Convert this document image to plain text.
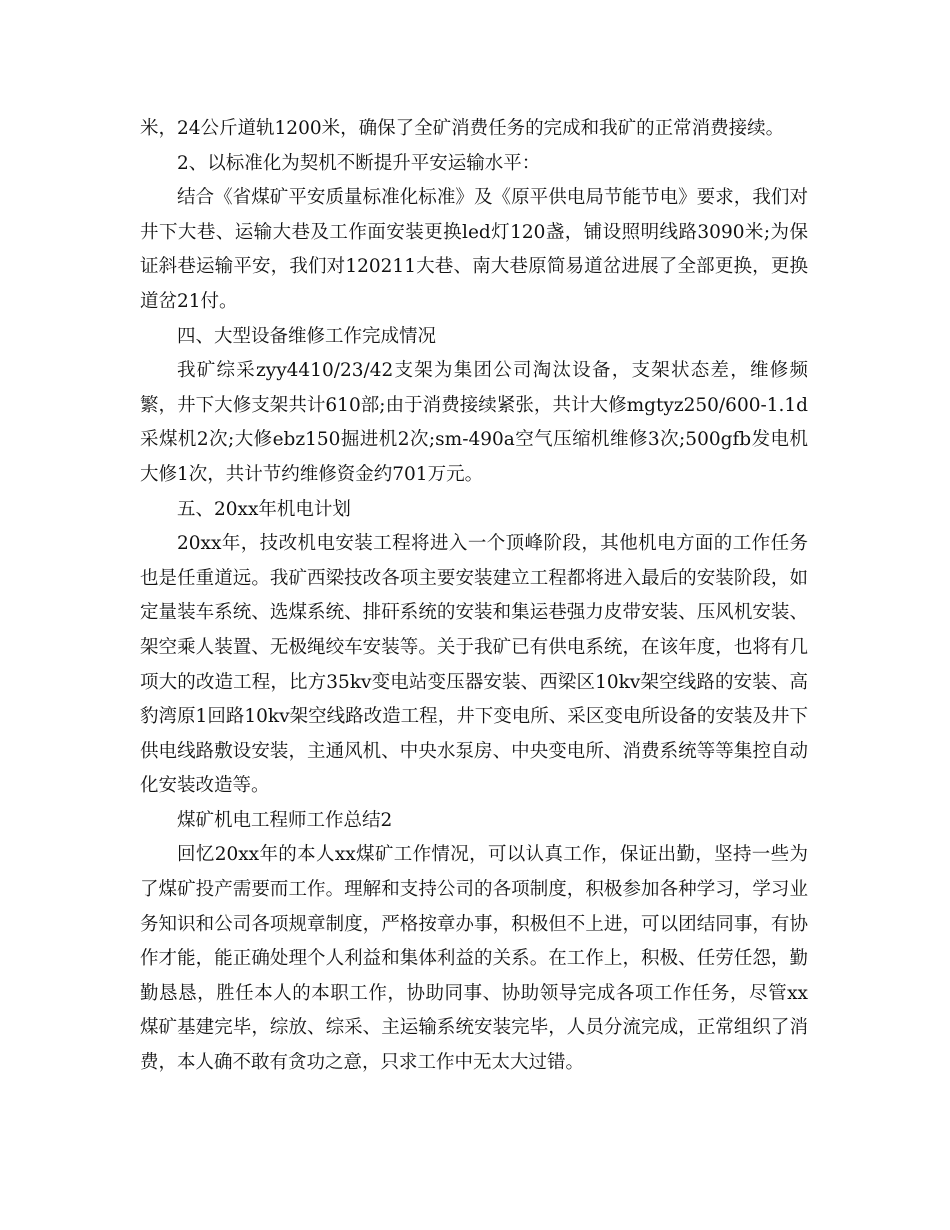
米，24公斤道轨1200米，确保了全矿消费任务的完成和我矿的正常消费接续。

2、以标准化为契机不断提升平安运输水平：

结合《省煤矿平安质量标准化标准》及《原平供电局节能节电》要求，我们对井下大巷、运输大巷及工作面安装更换led灯120盏，铺设照明线路3090米;为保证斜巷运输平安，我们对120211大巷、南大巷原简易道岔进展了全部更换，更换道岔21付。

四、大型设备维修工作完成情况

我矿综采zyy4410/23/42支架为集团公司淘汰设备，支架状态差，维修频繁，井下大修支架共计610部;由于消费接续紧张，共计大修mgtyz250/600-1.1d采煤机2次;大修ebz150掘进机2次;sm-490a空气压缩机维修3次;500gfb发电机大修1次，共计节约维修资金约701万元。

五、20xx年机电计划

20xx年，技改机电安装工程将进入一个顶峰阶段，其他机电方面的工作任务也是任重道远。我矿西梁技改各项主要安装建立工程都将进入最后的安装阶段，如定量装车系统、选煤系统、排矸系统的安装和集运巷强力皮带安装、压风机安装、架空乘人装置、无极绳绞车安装等。关于我矿已有供电系统，在该年度，也将有几项大的改造工程，比方35kv变电站变压器安装、西梁区10kv架空线路的安装、高豹湾原1回路10kv架空线路改造工程，井下变电所、采区变电所设备的安装及井下供电线路敷设安装，主通风机、中央水泵房、中央变电所、消费系统等等集控自动化安装改造等。

煤矿机电工程师工作总结2

回忆20xx年的本人xx煤矿工作情况，可以认真工作，保证出勤，坚持一些为了煤矿投产需要而工作。理解和支持公司的各项制度，积极参加各种学习，学习业务知识和公司各项规章制度，严格按章办事，积极但不上进，可以团结同事，有协作才能，能正确处理个人利益和集体利益的关系。在工作上，积极、任劳任怨，勤勤恳恳，胜任本人的本职工作，协助同事、协助领导完成各项工作任务，尽管xx煤矿基建完毕，综放、综采、主运输系统安装完毕，人员分流完成，正常组织了消费，本人确不敢有贪功之意，只求工作中无太大过错。
